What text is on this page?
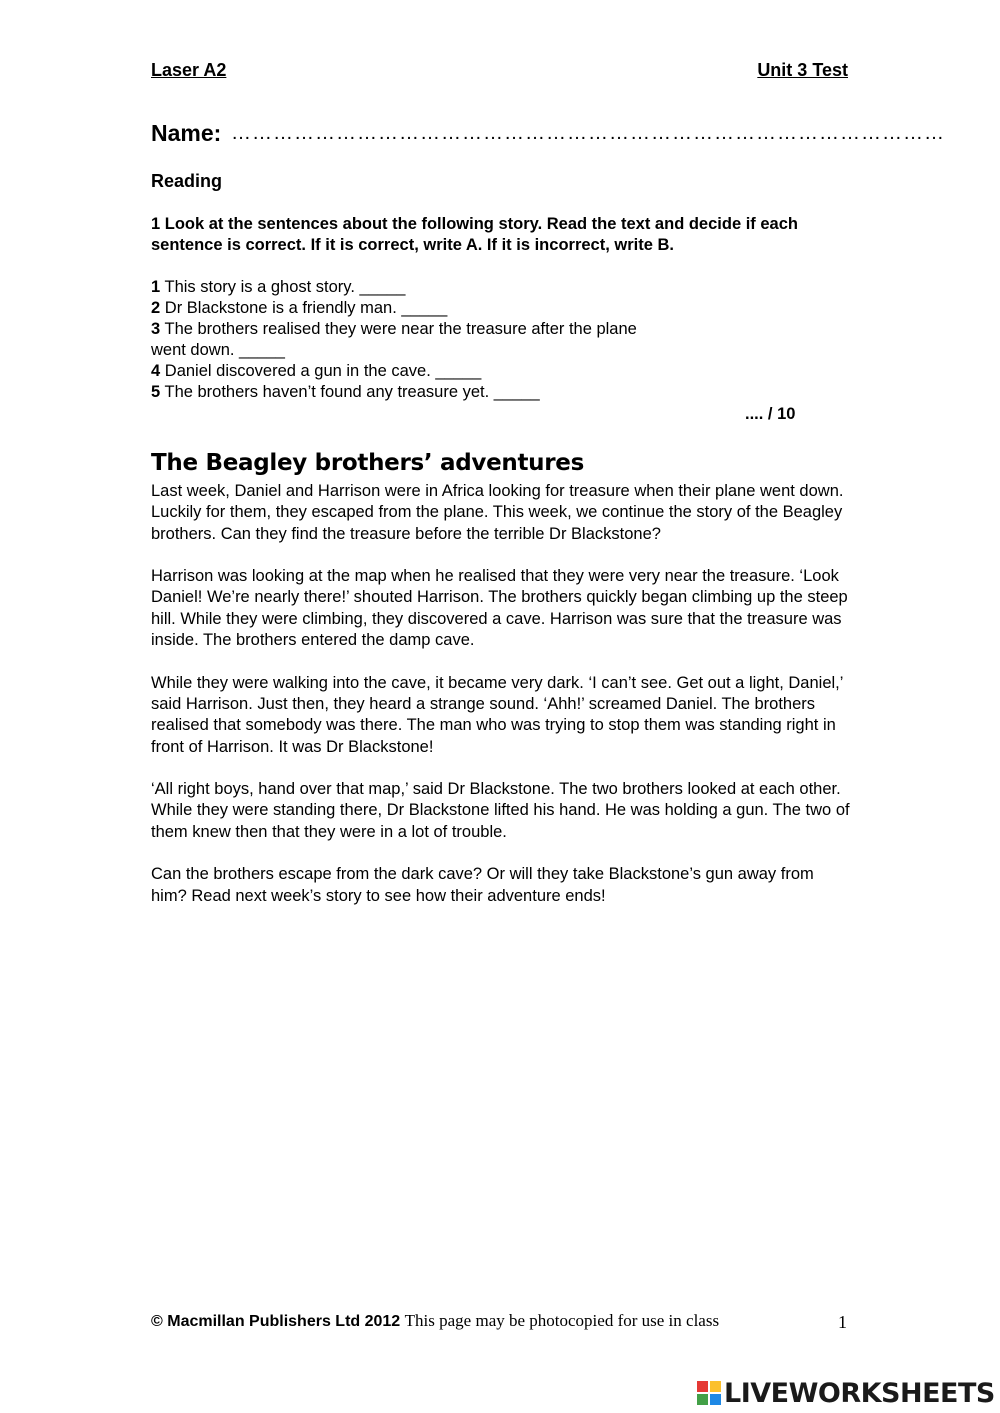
Laser A2	Unit 3 Test
Name: …………………………………………………………………………………………
Reading
1 Look at the sentences about the following story. Read the text and decide if each sentence is correct. If it is correct, write A. If it is incorrect, write B.

1 This story is a ghost story. _____

2 Dr Blackstone is a friendly man. _____

3 The brothers realised they were near the treasure after the plane
went down. _____

4 Daniel discovered a gun in the cave. _____

5 The brothers haven’t found any treasure yet. _____

.... / 10
The Beagley brothers’ adventures

Last week, Daniel and Harrison were in Africa looking for treasure when their plane went down. Luckily for them, they escaped from the plane. This week, we continue the story of the Beagley brothers. Can they find the treasure before the terrible Dr Blackstone?

Harrison was looking at the map when he realised that they were very near the treasure. ‘Look Daniel! We’re nearly there!’ shouted Harrison. The brothers quickly began climbing up the steep hill. While they were climbing, they discovered a cave. Harrison was sure that the treasure was inside. The brothers entered the damp cave.

While they were walking into the cave, it became very dark. ‘I can’t see. Get out a light, Daniel,’ said Harrison. Just then, they heard a strange sound. ‘Ahh!’ screamed Daniel. The brothers realised that somebody was there. The man who was trying to stop them was standing right in front of Harrison. It was Dr Blackstone!

‘All right boys, hand over that map,’ said Dr Blackstone. The two brothers looked at each other. While they were standing there, Dr Blackstone lifted his hand. He was holding a gun. The two of them knew then that they were in a lot of trouble.

Can the brothers escape from the dark cave? Or will they take Blackstone’s gun away from him? Read next week’s story to see how their adventure ends!

© Macmillan Publishers Ltd 2012 This page may be photocopied for use in class	1
LIVEWORKSHEETS
